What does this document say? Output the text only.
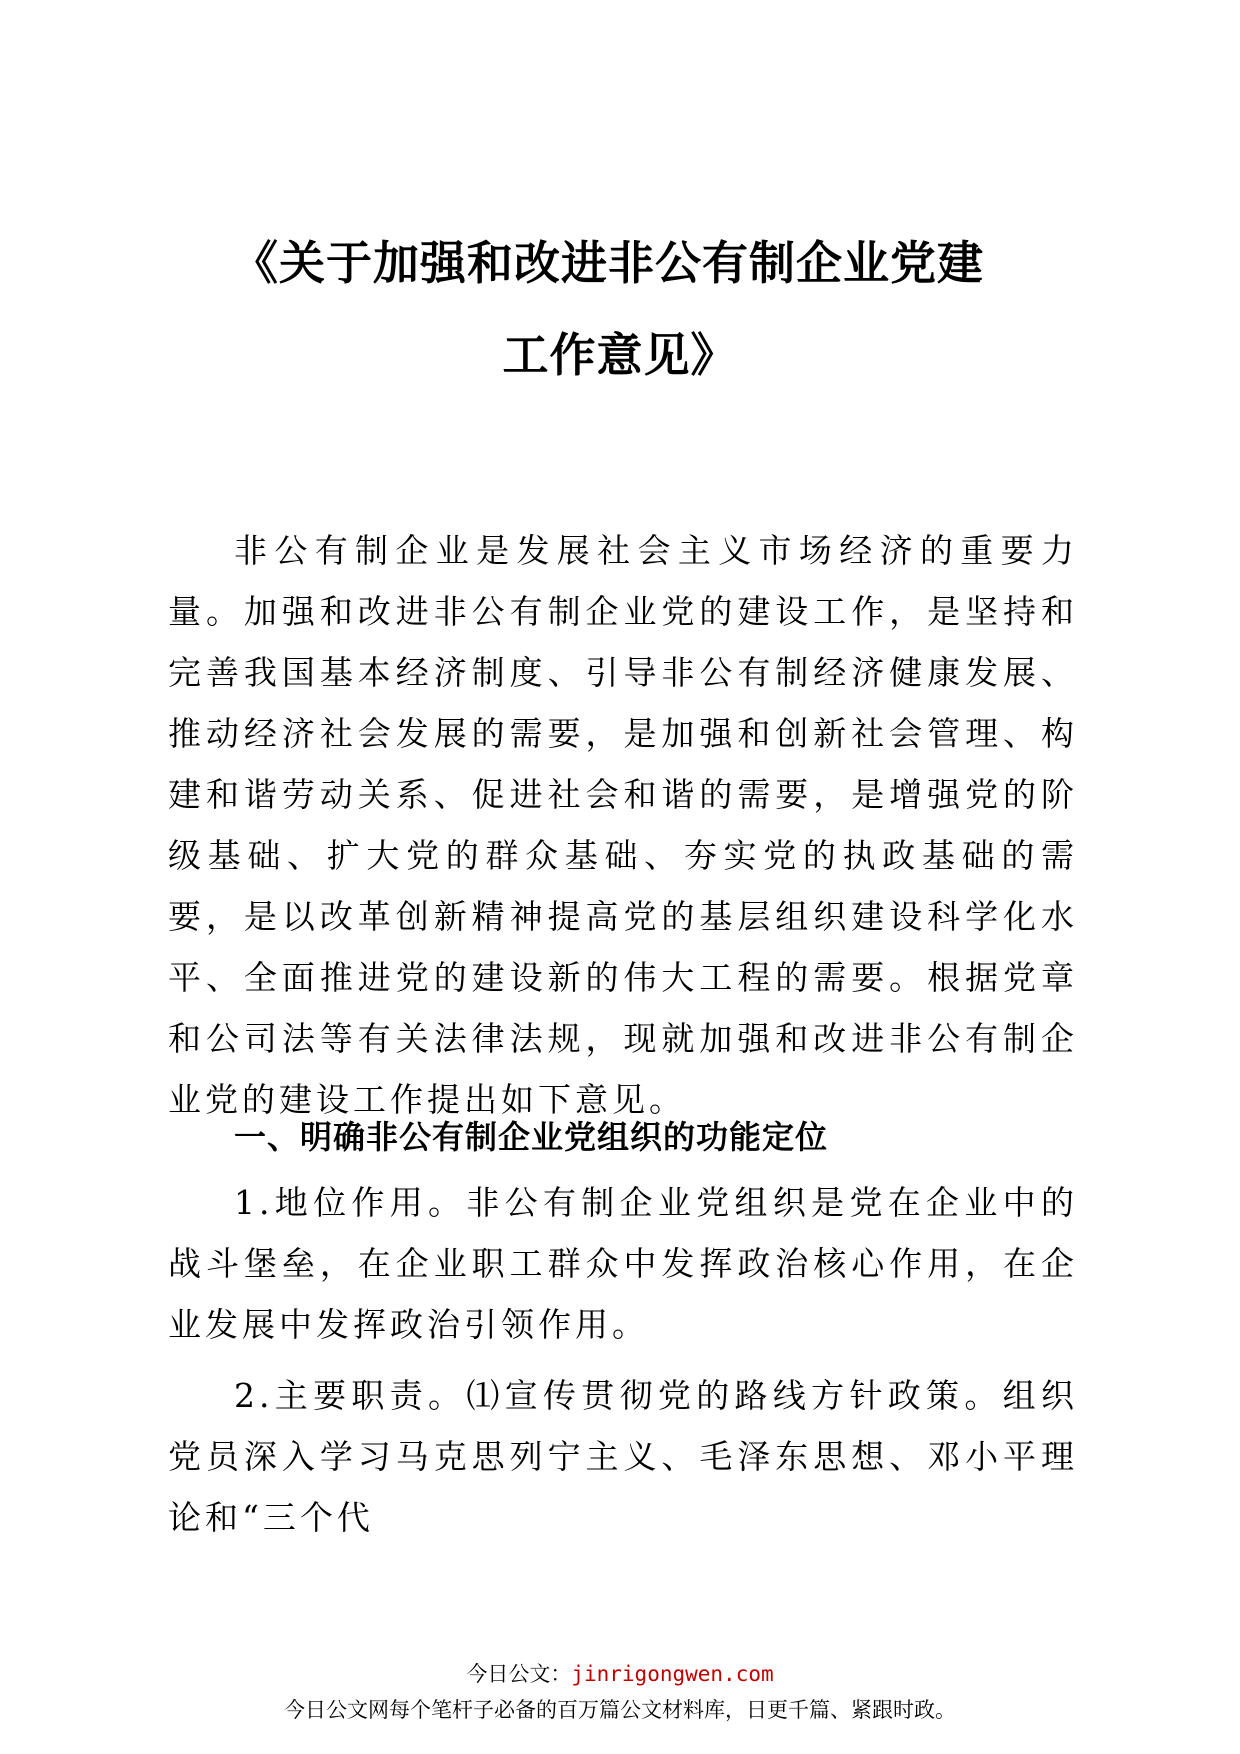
《关于加强和改进非公有制企业党建
工作意见》

非公有制企业是发展社会主义市场经济的重要力量。加强和改进非公有制企业党的建设工作，是坚持和完善我国基本经济制度、引导非公有制经济健康发展、推动经济社会发展的需要，是加强和创新社会管理、构建和谐劳动关系、促进社会和谐的需要，是增强党的阶级基础、扩大党的群众基础、夯实党的执政基础的需要，是以改革创新精神提高党的基层组织建设科学化水平、全面推进党的建设新的伟大工程的需要。根据党章和公司法等有关法律法规，现就加强和改进非公有制企业党的建设工作提出如下意见。

一、明确非公有制企业党组织的功能定位

1.地位作用。非公有制企业党组织是党在企业中的战斗堡垒，在企业职工群众中发挥政治核心作用，在企业发展中发挥政治引领作用。

2.主要职责。⑴宣传贯彻党的路线方针政策。组织党员深入学习马克思列宁主义、毛泽东思想、邓小平理论和“三个代

今日公文：jinrigongwen.com
今日公文网每个笔杆子必备的百万篇公文材料库，日更千篇、紧跟时政。
